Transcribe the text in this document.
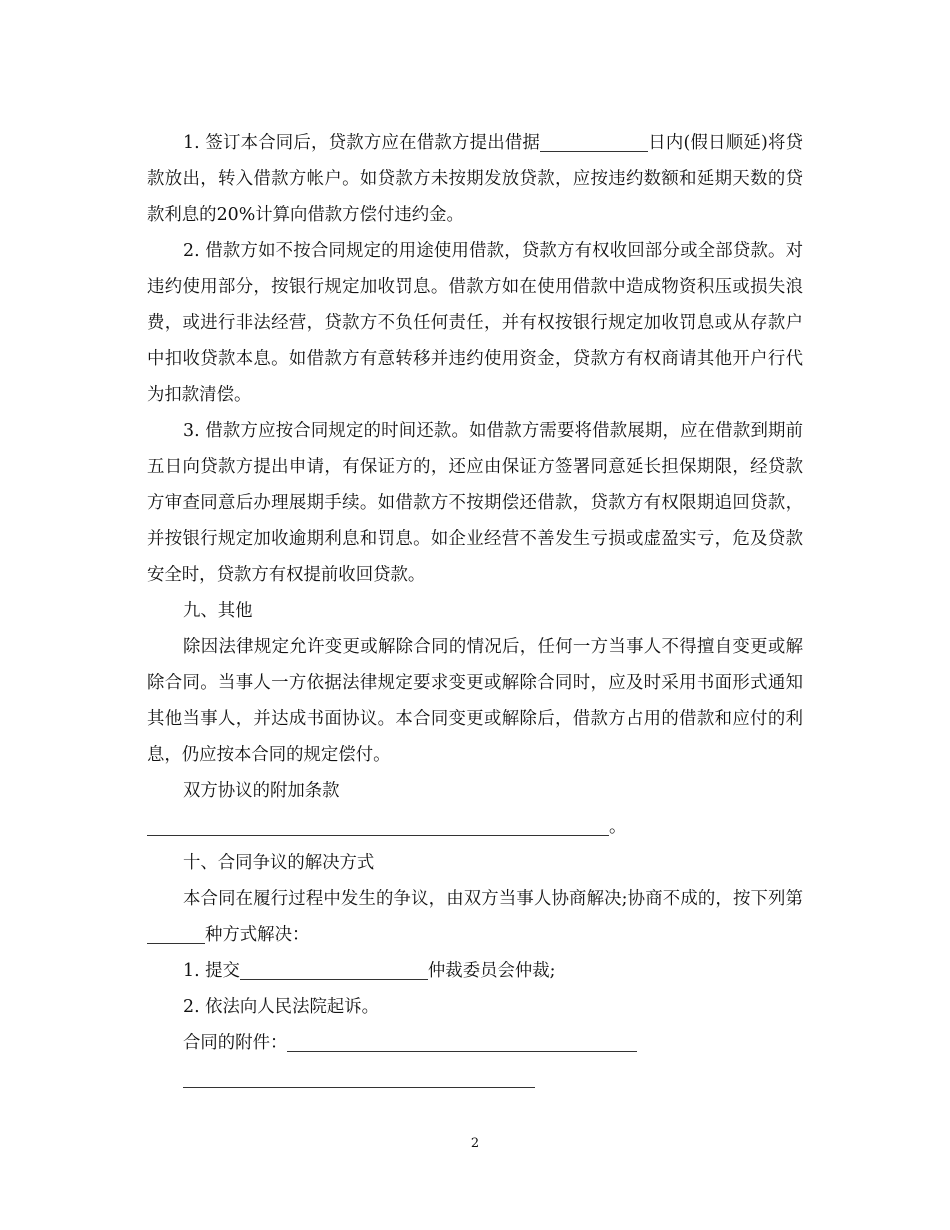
1. 签订本合同后，贷款方应在借款方提出借据	日内(假日顺延)将贷款放出，转入借款方帐户。如贷款方未按期发放贷款，应按违约数额和延期天数的贷款利息的20%计算向借款方偿付违约金。

2. 借款方如不按合同规定的用途使用借款，贷款方有权收回部分或全部贷款。对违约使用部分，按银行规定加收罚息。借款方如在使用借款中造成物资积压或损失浪费，或进行非法经营，贷款方不负任何责任，并有权按银行规定加收罚息或从存款户中扣收贷款本息。如借款方有意转移并违约使用资金，贷款方有权商请其他开户行代为扣款清偿。

3. 借款方应按合同规定的时间还款。如借款方需要将借款展期，应在借款到期前五日向贷款方提出申请，有保证方的，还应由保证方签署同意延长担保期限，经贷款方审查同意后办理展期手续。如借款方不按期偿还借款，贷款方有权限期追回贷款，并按银行规定加收逾期利息和罚息。如企业经营不善发生亏损或虚盈实亏，危及贷款安全时，贷款方有权提前收回贷款。

九、其他

除因法律规定允许变更或解除合同的情况后，任何一方当事人不得擅自变更或解除合同。当事人一方依据法律规定要求变更或解除合同时，应及时采用书面形式通知其他当事人，并达成书面协议。本合同变更或解除后，借款方占用的借款和应付的利息，仍应按本合同的规定偿付。

双方协议的附加条款

。

十、合同争议的解决方式

本合同在履行过程中发生的争议，由双方当事人协商解决;协商不成的，按下列第种方式解决：

1. 提交	仲裁委员会仲裁;

2. 依法向人民法院起诉。

合同的附件：

2
